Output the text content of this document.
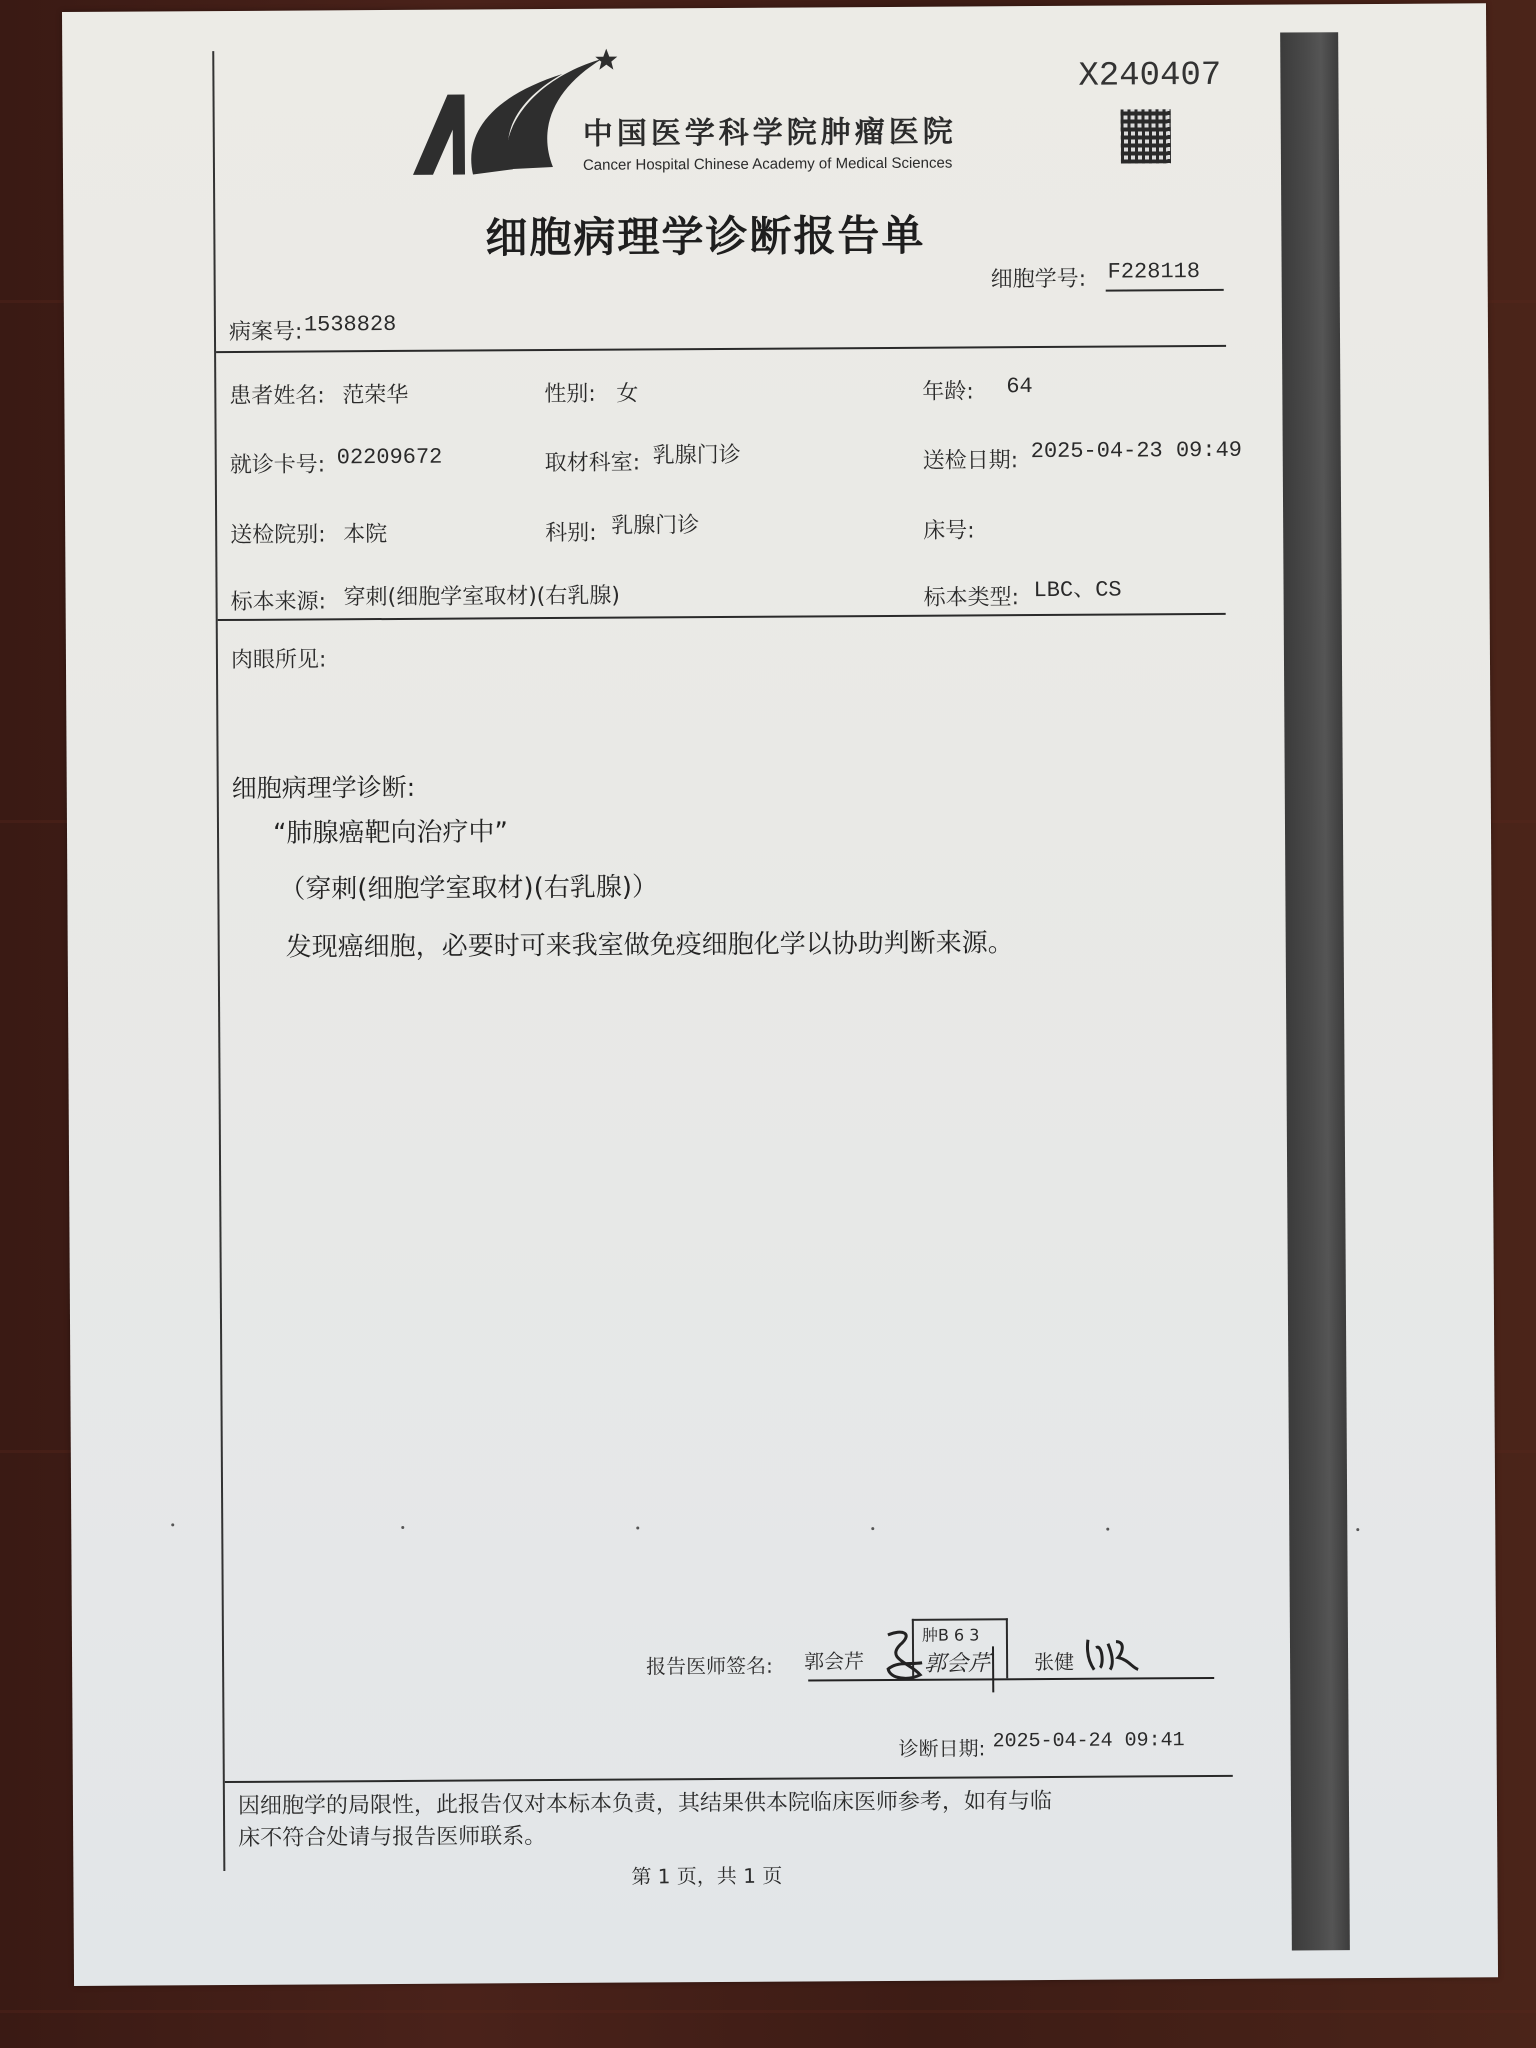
中国医学科学院肿瘤医院
Cancer Hospital Chinese Academy of Medical Sciences
X240407
细胞病理学诊断报告单
细胞学号: F228118
病案号: 1538828
患者姓名: 范荣华	性别: 女	年龄: 64
就诊卡号: 02209672	取材科室: 乳腺门诊	送检日期: 2025-04-23 09:49
送检院别: 本院	科别: 乳腺门诊	床号:
标本来源: 穿刺(细胞学室取材)(右乳腺)	标本类型: LBC、CS
肉眼所见:
细胞病理学诊断:
“肺腺癌靶向治疗中”
（穿刺(细胞学室取材)(右乳腺)）
发现癌细胞，必要时可来我室做免疫细胞化学以协助判断来源。
报告医师签名: 郭会芹
肿B 6 3
郭会芹 张健
诊断日期: 2025-04-24 09:41
因细胞学的局限性，此报告仅对本标本负责，其结果供本院临床医师参考，如有与临
床不符合处请与报告医师联系。
第 1 页，共 1 页
